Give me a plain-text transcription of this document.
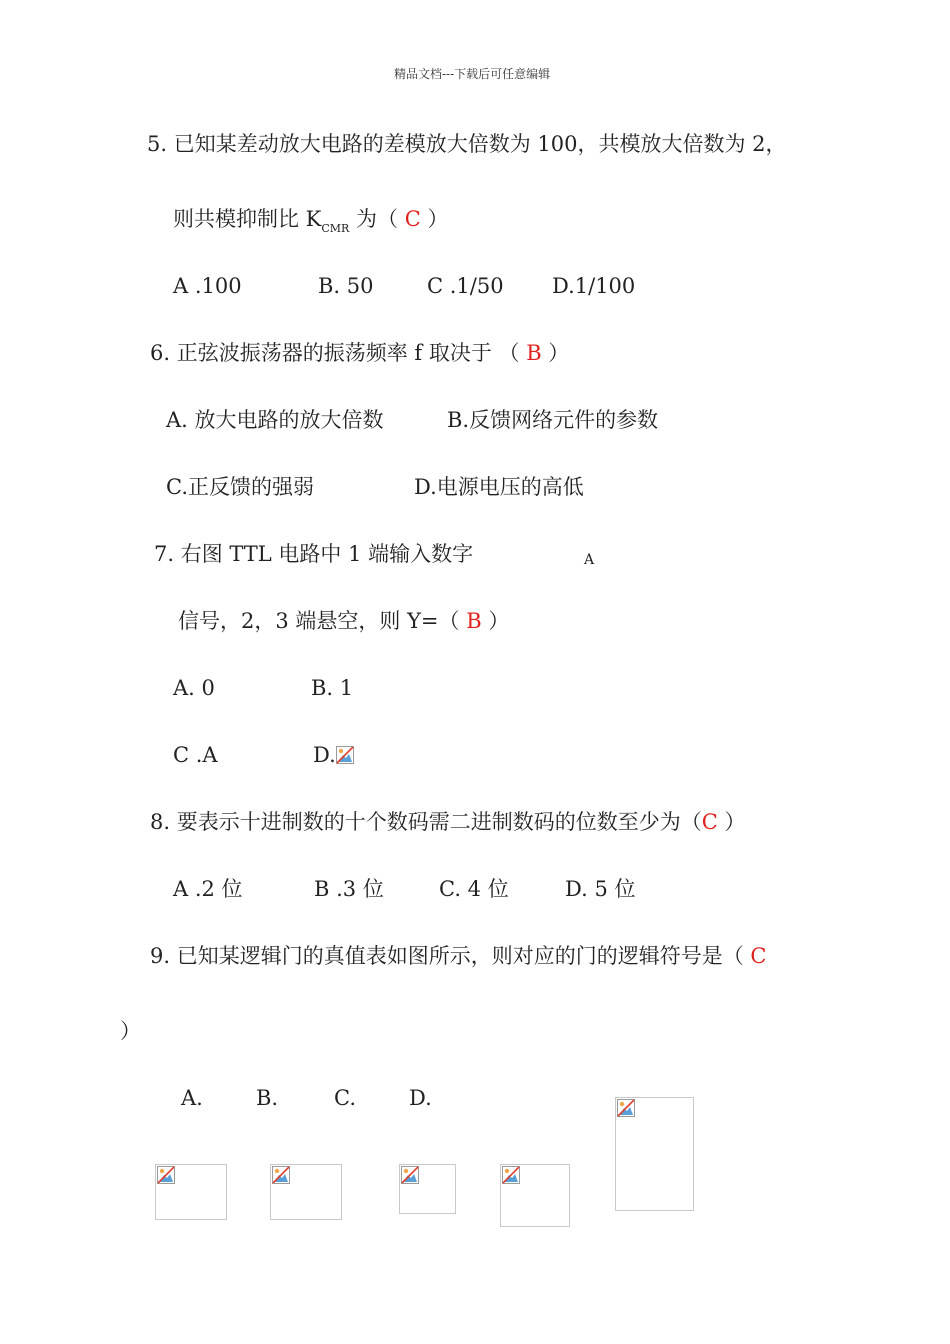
精品文档---下载后可任意编辑
5. 已知某差动放大电路的差模放大倍数为 100，共模放大倍数为 2，
则共模抑制比 $K_{CMR}$ 为（ C ）
A .100	B. 50	C .1/50 D.1/100
6. 正弦波振荡器的振荡频率 f 取决于 （ B ）
A. 放大电路的放大倍数	B.反馈网络元件的参数
C.正反馈的强弱	D.电源电压的高低
7. 右图 TTL 电路中 1 端输入数字	A
信号，2，3 端悬空，则 Y=（ B ）
A. 0	B. 1
C .A	D.
8. 要表示十进制数的十个数码需二进制数码的位数至少为（C ）
A .2 位	B .3 位	C. 4 位	D. 5 位
9. 已知某逻辑门的真值表如图所示，则对应的门的逻辑符号是（ C
）
A.	B.	C.	D.
